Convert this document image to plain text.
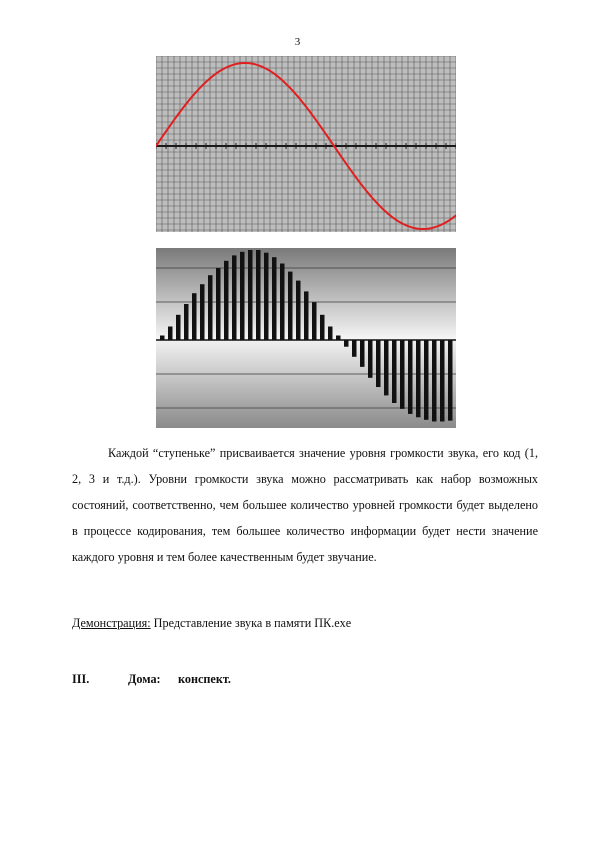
3

Каждой “ступеньке” присваивается значение уровня громкости звука, его код (1, 2, 3 и т.д.). Уровни громкости звука можно рассматривать как набор возможных состояний, соответственно, чем большее количество уровней громкости будет выделено в процессе кодирования, тем большее количество информации будет нести значение каждого уровня и тем более качественным будет звучание.

Демонстрация: Представление звука в памяти ПК.exe

III.	Дома: конспект.
